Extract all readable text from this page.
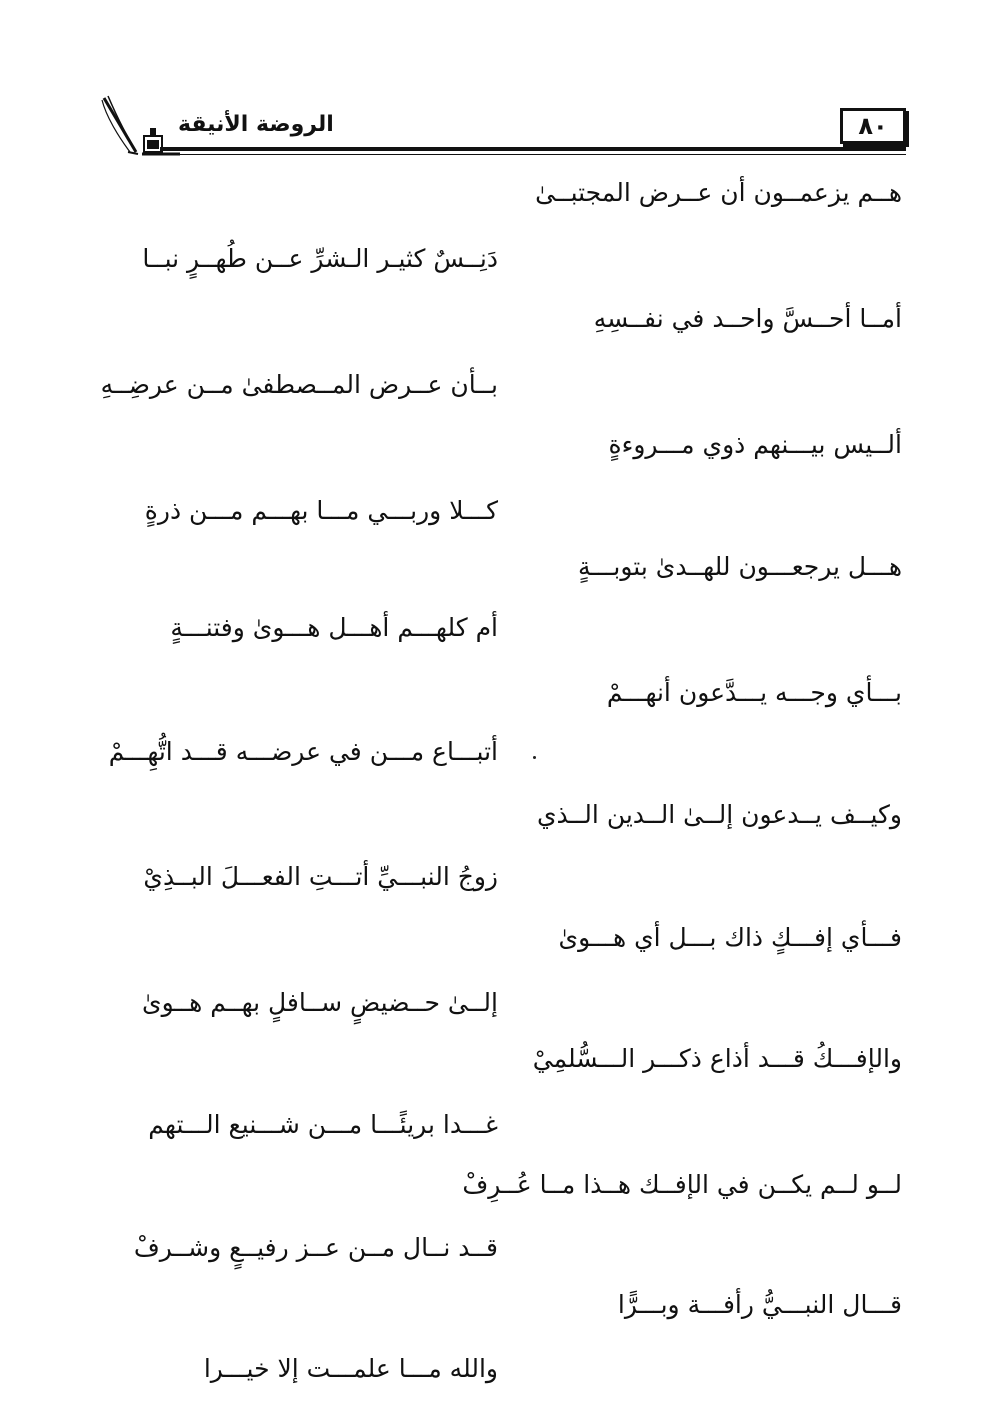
الروضة الأنيقة	٨٠
هــم يزعمــون أن عــرض المجتبــىٰ
دَنِــسٌ كثيـر الـشرِّ عــن طُهــرٍ نبــا
أمــا أحــسَّ واحــد في نفــسِهِ
بــأن عــرض المــصطفىٰ مــن عرضِــهِ
ألــيس بيـــنهم ذوي مـــروءةٍ
كـــلا وربـــي مـــا بهـــم مـــن ذرةٍ
هـــل يرجعـــون للهــدىٰ بتوبـــةٍ
أم كلهـــم أهـــل هـــوىٰ وفتنـــةٍ
بـــأي وجـــه يـــدَّعون أنهـــمْ
أتبـــاع مـــن في عرضـــه قـــد اتُّهِـــمْ
وكيــف يــدعون إلــىٰ الــدين الــذي
زوجُ النبـــيِّ أتـــتِ الفعـــلَ البــذِيْ
فـــأي إفـــكٍ ذاك بـــل أي هـــوىٰ
إلــىٰ حــضيضٍ ســافلٍ بهــم هــوىٰ
والإفـــكُ قـــد أذاع ذكـــر الـــسُّلمِيْ
غـــدا بريئًـــا مـــن شـــنيع الـــتهم
لــو لــم يكــن في الإفــك هــذا مــا عُــرِفْ
قــد نــال مــن عــز رفيــعٍ وشــرفْ
قـــال النبـــيُّ رأفـــة وبـــرًّا
والله مـــا علمـــت إلا خيـــرا
